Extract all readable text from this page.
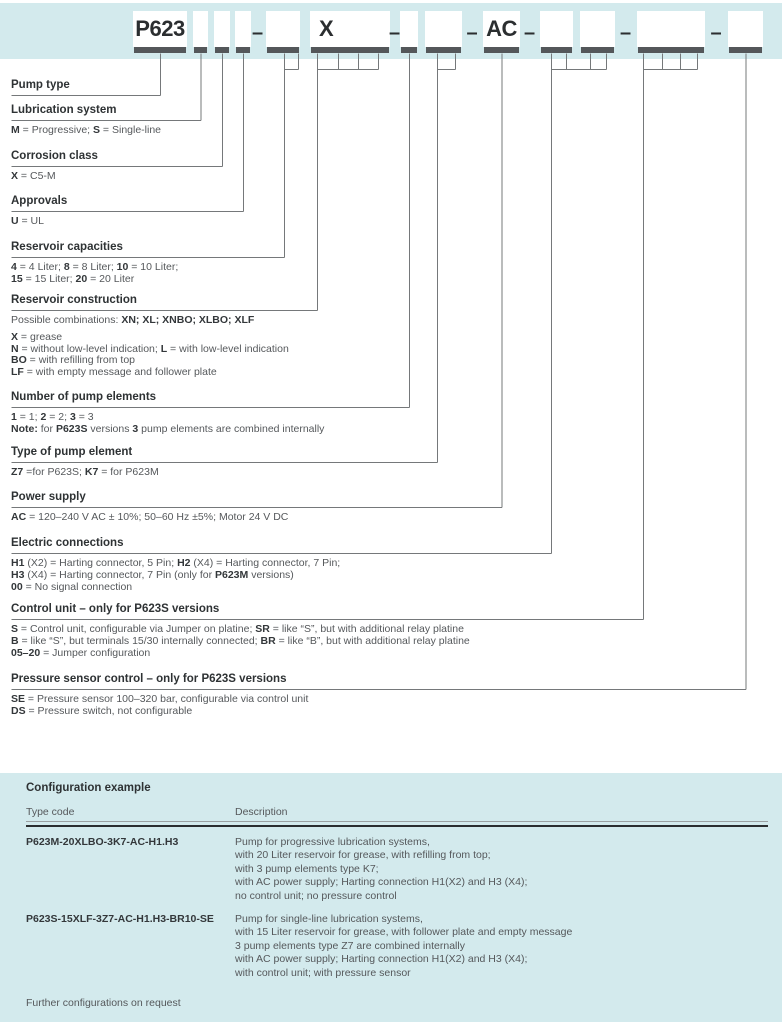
P623	X	AC
–	–	– –	–	–
Pump type
Lubrication system
M = Progressive; S = Single-line
Corrosion class
X = C5-M
Approvals
U = UL
Reservoir capacities
4 = 4 Liter; 8 = 8 Liter; 10 = 10 Liter;
15 = 15 Liter; 20 = 20 Liter
Reservoir construction
Possible combinations: XN; XL; XNBO; XLBO; XLF
X = grease
N = without low-level indication; L = with low-level indication
BO = with refilling from top
LF = with empty message and follower plate
Number of pump elements
1 = 1; 2 = 2; 3 = 3
Note: for P623S versions 3 pump elements are combined internally
Type of pump element
Z7 =for P623S; K7 = for P623M
Power supply
AC = 120–240 V AC ± 10%; 50–60 Hz ±5%; Motor 24 V DC
Electric connections
H1 (X2) = Harting connector, 5 Pin; H2 (X4) = Harting connector, 7 Pin;
H3 (X4) = Harting connector, 7 Pin (only for P623M versions)
00 = No signal connection
Control unit – only for P623S versions
S = Control unit, configurable via Jumper on platine; SR = like “S”, but with additional relay platine
B = like “S”, but terminals 15/30 internally connected; BR = like “B”, but with additional relay platine
05–20 = Jumper configuration
Pressure sensor control – only for P623S versions
SE = Pressure sensor 100–320 bar, configurable via control unit
DS = Pressure switch, not configurable
Configuration example
Type code	Description
P623M-20XLBO-3K7-AC-H1.H3	Pump for progressive lubrication systems,
with 20 Liter reservoir for grease, with refilling from top;
with 3 pump elements type K7;
with AC power supply; Harting connection H1(X2) and H3 (X4);
no control unit; no pressure control
P623S-15XLF-3Z7-AC-H1.H3-BR10-SE Pump for single-line lubrication systems,
with 15 Liter reservoir for grease, with follower plate and empty message
3 pump elements type Z7 are combined internally
with AC power supply; Harting connection H1(X2) and H3 (X4);
with control unit; with pressure sensor
Further configurations on request
